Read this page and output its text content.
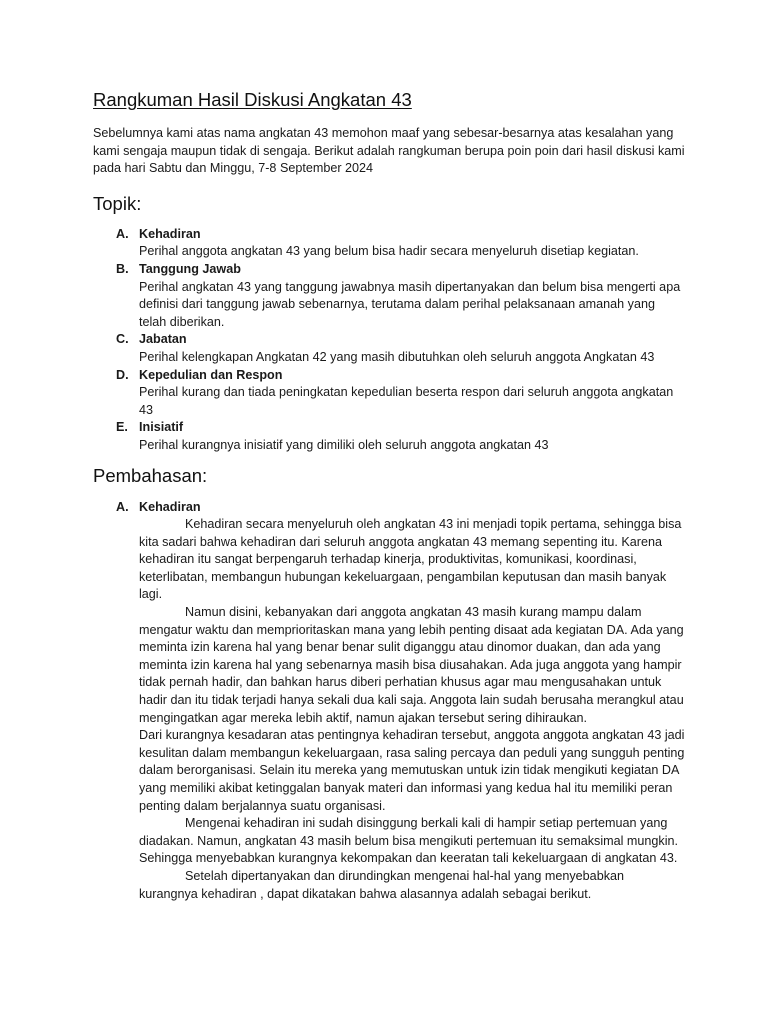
Rangkuman Hasil Diskusi Angkatan 43

Sebelumnya kami atas nama angkatan 43 memohon maaf yang sebesar-besarnya atas kesalahan yang kami sengaja maupun tidak di sengaja. Berikut adalah rangkuman berupa poin poin dari hasil diskusi kami pada hari Sabtu dan Minggu, 7-8 September 2024

Topik:
A. Kehadiran
Perihal anggota angkatan 43 yang belum bisa hadir secara menyeluruh disetiap kegiatan.
B. Tanggung Jawab
Perihal angkatan 43 yang tanggung jawabnya masih dipertanyakan dan belum bisa mengerti apa definisi dari tanggung jawab sebenarnya, terutama dalam perihal pelaksanaan amanah yang telah diberikan.
C. Jabatan
Perihal kelengkapan Angkatan 42 yang masih dibutuhkan oleh seluruh anggota Angkatan 43
D. Kepedulian dan Respon
Perihal kurang dan tiada peningkatan kepedulian beserta respon dari seluruh anggota angkatan 43
E. Inisiatif
Perihal kurangnya inisiatif yang dimiliki oleh seluruh anggota angkatan 43
Pembahasan:
A. Kehadiran

Kehadiran secara menyeluruh oleh angkatan 43 ini menjadi topik pertama, sehingga bisa kita sadari bahwa kehadiran dari seluruh anggota angkatan 43 memang sepenting itu. Karena kehadiran itu sangat berpengaruh terhadap kinerja, produktivitas, komunikasi, koordinasi, keterlibatan, membangun hubungan kekeluargaan, pengambilan keputusan dan masih banyak lagi.

Namun disini, kebanyakan dari anggota angkatan 43 masih kurang mampu dalam mengatur waktu dan memprioritaskan mana yang lebih penting disaat ada kegiatan DA. Ada yang meminta izin karena hal yang benar benar sulit diganggu atau dinomor duakan, dan ada yang meminta izin karena hal yang sebenarnya masih bisa diusahakan. Ada juga anggota yang hampir tidak pernah hadir, dan bahkan harus diberi perhatian khusus agar mau mengusahakan untuk hadir dan itu tidak terjadi hanya sekali dua kali saja. Anggota lain sudah berusaha merangkul atau mengingatkan agar mereka lebih aktif, namun ajakan tersebut sering dihiraukan.

Dari kurangnya kesadaran atas pentingnya kehadiran tersebut, anggota anggota angkatan 43 jadi kesulitan dalam membangun kekeluargaan, rasa saling percaya dan peduli yang sungguh penting dalam berorganisasi. Selain itu mereka yang memutuskan untuk izin tidak mengikuti kegiatan DA yang memiliki akibat ketinggalan banyak materi dan informasi yang kedua hal itu memiliki peran penting dalam berjalannya suatu organisasi.

Mengenai kehadiran ini sudah disinggung berkali kali di hampir setiap pertemuan yang diadakan. Namun, angkatan 43 masih belum bisa mengikuti pertemuan itu semaksimal mungkin. Sehingga menyebabkan kurangnya kekompakan dan keeratan tali kekeluargaan di angkatan 43.

Setelah dipertanyakan dan dirundingkan mengenai hal-hal yang menyebabkan kurangnya kehadiran , dapat dikatakan bahwa alasannya adalah sebagai berikut.
